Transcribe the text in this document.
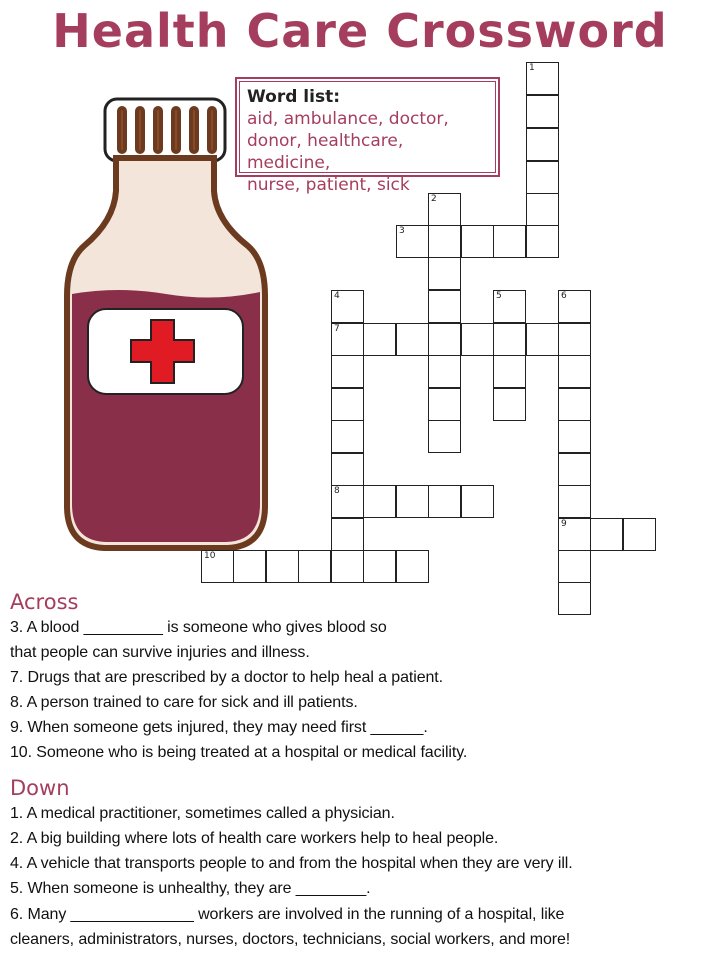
Health Care Crossword
Word list:
aid, ambulance, doctor,
donor, healthcare, medicine,
nurse, patient, sick
1
3
2
4
7
5	6
8
9
10
Across
3. A blood _________ is someone who gives blood so
that people can survive injuries and illness.
7. Drugs that are prescribed by a doctor to help heal a patient.
8. A person trained to care for sick and ill patients.
9. When someone gets injured, they may need first ______.
10. Someone who is being treated at a hospital or medical facility.
Down
1. A medical practitioner, sometimes called a physician.
2. A big building where lots of health care workers help to heal people.
4. A vehicle that transports people to and from the hospital when they are very ill.
5. When someone is unhealthy, they are ________.
6. Many ______________ workers are involved in the running of a hospital, like
cleaners, administrators, nurses, doctors, technicians, social workers, and more!
